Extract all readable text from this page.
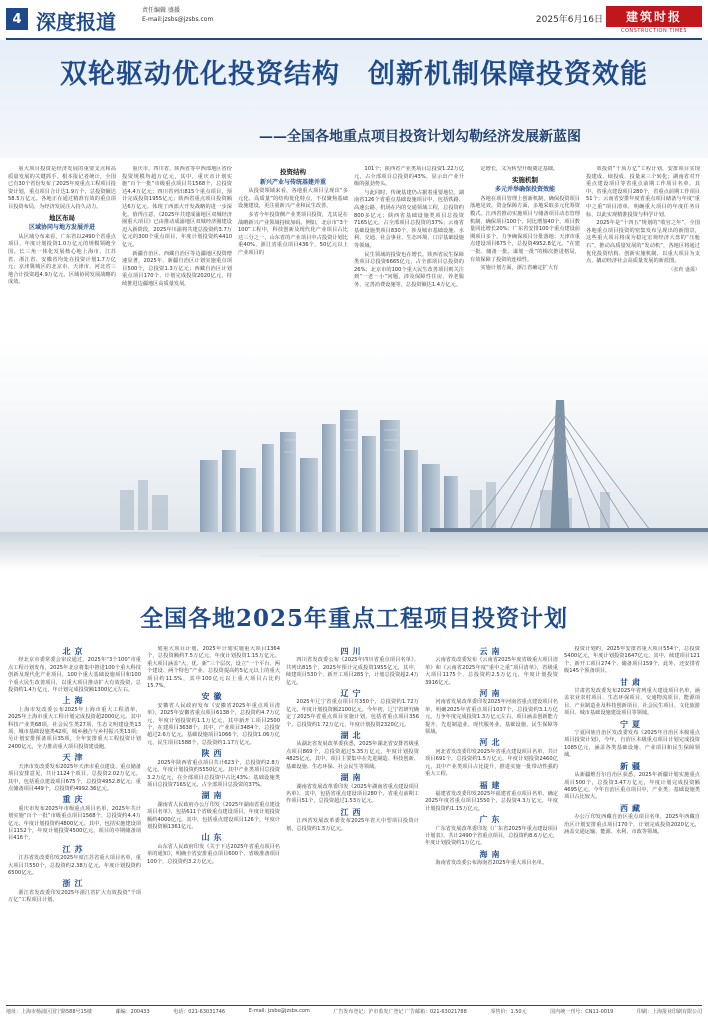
4 深度报道	责任编辑 盛援
E-mail:jzsbs@jzsbs.com	2025年6月16日	建筑时报
CONSTRUCTION TIMES
双轮驱动优化投资结构　创新机制保障投资效能
——全国各地重点项目投资计划勾勒经济发展新蓝图

重大项目投资是经济发展的重要支点和高质量发展的关键抓手。根本报记者统计，全国已有30个省份发布了2025年度重点工程项目投资计划，重点项目合计达1.9万个，总投资额达58.5万亿元。各地正在通过精准有效的重点项目投资布局，为经济发展注入持久动力。

地区布局
区域协同与地方发展并进

从区域分布来看，广东省以2490个省重点项目、年度计划投资1.0万亿元的规模领跑全国。长三角一体化发展核心地上海市、江苏省、浙江省、安徽省均处在投资计划1.7万亿元；京津冀城区的北京市、天津市、河北省三地合计投资超4.9万亿元，区域协同发展战略的成效。

重庆市、四川省、陕西省等中西部地区省份投资规模均超万亿元，其中，重庆市计划实施“百个一批”市级重点项目共1568个，总投资达4.4万亿元；四川省列出815个重点项目，预计完成投资1955亿元；陕西省重点项目投资额达6万亿元。体现了西部大开发战略的进一步深化。值得注意，《2025年共建成渝地区双城经济圈重大项目》已由推动成渝地区双城经济圈建设迈入新阶段，2025年川渝将共建总投资约3.7万亿元的300个重点项目，年度计划投资约4410亿元。

新疆自治区、西藏自治区等边疆地区投资增速显著，2025年，新疆自治区计划实施重点项目500个，总投资1.3万亿元；西藏自治区计划重点项目170个，计划完成投资2020亿元，持续推进边疆地区高质量发展。

投资结构
新兴产业与传统基建并重

从投资领域来看，各地重大项目呈现出“多元化、高质量”的结构优化特点，不仅聚焦基础设施建设，更注重新兴产业和民生改善。

多省今年投资侧产业类项目投资，尤其是在战略新兴产业领域持续加码。例如，北京市“3个100”工程中，科技创新及现代化产业项目占比达三分之一，山东省的产业项目中占投资计划比重40%，浙江省重点项目436个，50亿元以上产业项目的

101个；陕西省产业类项目总投资1.22万亿元，占全部项目总投资的43%，显示出产业升级的强劲势头。

与此同时，传统基建仍占据着重要地位。湖南省126个省重点基础设施项目中，包括铁路、高速公路、机场在内的交通领域工程，总投资约800多亿元；陕西省基础设施类项目总投资7165亿元，占全部项目总投资的37%；云南省基础设施类项目830个，涉及城市基础设施、水利、交通、社会事业、生态环境、口岸基础设施等领域。

民生领域的投资也在增长。陕西省民生保障类项目总投资6665亿元，占全部项目总投资的26%；北京市的100个重大民生改善项目则关注到“一老一小”问题，涉及保障性住房、养老服务、完善消费设施等，总投资额达1.4万亿元。

定增长，又为转型升级奠定基础。

实施机制
多元并举确保投资效能

各地在项目管理上创新机制，确保投资项目落地见效。资金保障方面，多地采取多元化筹资模式。江西省推动实施项目与储备项目动态管理机制，确保项目100个、同比增加40个，项目数量同比增长20%；广东省安排100个重点建设前期项目多个，力争确保项目分批落地；天津市重点建设项目675个，总投资4952.8亿元。“在建一批、储备一批、谋划一批”的梯次推进格局，有效保障了投资的连续性。

实施计划方面，浙江省确定扩大有

效投资“千项万亿”工程计划，安排项目实现投建成、续投成、投量来三个转化；湖南省对开重点建设项目等省重点前期工作项目名单，其中，省重点建设项目280个，省重点前期工作项目51个；云南省安排年度省重点项目储备与年度“重中之重”项目清单，明确重大项目的年度任务目标，以此实现精准投资与科学计划。

2025年是“十四五”规划的“收官之年”，全国各地重点项目投资的密集发布呈现出的新图景，这些重大项目将成为稳定宏观经济大盘的“压舱石”，推动高质量发展的“发动机”，各地区将通过优化投资结构、创新实施机制，以重大项目为支点，撬动经济社会高质量发展的新蓝图。

（张莉 盛援）
全国各地2025年重点工程项目投资计划
北京
经北京市委常委会审议通过，2025年“3个100”市重点工程计划发布，2025年北京将集中推进100个重大科技创新及现代化产业项目，100个重大基础设施项目和100个重大民生改善项目，以重大项目推动扩大有效投资，总投资约1.4万亿元，年计划完成投资额1300亿元左右。
上海
上海市发改委公布2025年上海市重大工程清单，2025年上海市重大工程计划完成投资超2000亿元。其中科技产业类68项，社会民生类27项，生态文明建设类13项，城市基础设施类42项，城乡融合与乡村振兴类13项；另计划安排预备项目35项，全年安排重大工程投资计划2400亿元，全力推动重大项目投资建设跑。
天津
天津市发改委发布2025年天津市重点建设、重点储备项目安排意见，共计1124个项目，总投资2.02万亿元。其中，包括重点建设项目675个，总投资4952.8亿元；重点储备项目449个，总投资约4992.36亿元。
重庆
重庆市发布2025年市级重点项目名单，2025年共计划实施“百个一批”市级重点项目1568个，总投资约4.4万亿元，年度计划投资约4800亿元。其中，包括实施建设项目1152个，年度计划投资4500亿元，项目的中期储备项目416个。
江苏
江苏省发改委印发2025年度江苏省重大项目名单，重大项目共550个，总投资约2.38万亿元，年度计划投资约6500亿元。
浙江
浙江省发改委印发2025年浙江省扩大有效投资“千项万亿”工程项目计划。
划重大项目计划，2025年计划实施重大项目1364个，总投资额约7.5万亿元，年度计划投资1.15万亿元。重大项目涵盖“大、优、新”三个层次，设立“一个平台、两个建设、两个特色”产业、总投资提高约5亿元以上的重大项目约11.5%，其中100亿元以上重大项目占比约15.7%。
安徽
安徽省人民政府发布《安徽省2025年重点项目清单》，2025年安徽省重点项目6138个，总投资约4.7万亿元，年度计划投资约1.1万亿元，其中新开工项目2500个，在建项目3638个。其中，产业项目3484个，总投资超过2.6万亿元，基础设施项目1066个，总投资1.06万亿元，民生项目1588个，总投资约1.17万亿元。
陕西
2025年陕西省重点项目共计623个，总投资约2.8万亿元，年度计划投资约5550亿元。其中产业类项目总投资3.2万亿元，在全部项目总投资中占比43%；基础设施类项目总投资7165亿元，占全部项目总投资的37%。
湖南
湖南省人民政府办公厅印发《2025年湖南省重点建设项目名单》，包括611个省级重点建设项目，年度计划投资额约4000亿元。其中，包括重点建设项目126个，年度计划投资额1361亿元。
山东
山东省人民政府印发《关于下达2025年省重点项目名单的通知》，明确全省安排重点项目600个、省级准备项目100个，总投资约3.2万亿元。
四川
四川省发改委公布《2025年四川省重点项目名单》。共列出815个，2025年预计完成投资1955亿元，其中，续建项目530个、新开工项目285个，计划总投资超2.4万亿元。
辽宁
2025年辽宁省重点项目共350个，总投资约1.72万亿元，年度计划投资额2100亿元。今年初，辽宁省研究确定了2025年省重点项目实施计划，包括省重点项目356个，总投资约1.72万亿元，年度计划投资2320亿元。
湖北
从湖北省发展改革委获悉，2025年湖北省安排省级重点项目869个，总投资超过5.35万亿元，年度计划投资4825亿元，其中，项目主要集中在先进制造、科技创新、基础设施、生态环保、社会民生等领域。
湖南
湖南省发展改革委印发《2025年湖南省重点建设项目名单》，其中，包括省重点建设项目280个，省重点前期工作项目51个，总投资超过1.53万亿元。
江西
江西省发展改革委发布2025年省大中型项目投资计划，总投资约1.5万亿元。
云南
云南省发改委发布《云南省2025年度省级重大项目清单》和《云南省2025年度“重中之重”项目清单》，省级重大项目1175个，总投资约2.5万亿元，年度计划投资3916亿元。
河南
河南省发展改革委印发2025年河南省重点建设项目名单，明确2025年省重点项目1037个，总投资约3.1万亿元，力争年度完成投资1.3万亿元左右，项目涵盖创新能力提升、先进制造业、现代服务业、基础设施、民生保障等领域。
河北
河北省发改委印发2025年省重点建设项目名单，共计项目691个，总投资约1.5万亿元，年度计划投资2460亿元，其中产业类项目占比提升，推进实施一批带动性强的重大工程。
福建
福建省发改委印发2025年福建省重点项目名单，确定2025年度省重点项目1550个，总投资4.3万亿元，年度计划投资约1.15万亿元。
广东
广东省发展改革委印发《广东省2025年重点建设项目计划表》，共计2490个省重点项目，总投资约8.6万亿元，年度计划投资约1万亿元。
海南
海南省发改委公布海南省2025年重大项目名单。
投资计划约，2025年安排省重大项目554个，总投资5400亿元，年度计划投资1647亿元，其中，续建项目121个、新开工项目274个、储备项目159个，此外，还安排省级145个预备项目。
甘肃
甘肃省发改委发布2025年省列重大建设项目名单，涵盖农业农村项目、生态环保项目、交通物流项目、能源项目、产业制造业及科技创新项目、社会民生项目、文化旅游项目、城市基础设施建设项目等领域。
宁夏
宁夏回族自治区发改委发布《2025年自治区本级重点项目投资计划》，今年，自治区本级重点项目计划完成投资1085亿元，涵盖各类基础设施、产业项目和民生保障领域。
新疆
从新疆维吾尔自治区获悉，2025年新疆计划实施重点项目500个，总投资3.47万亿元，年度计划完成投资额4695亿元。今年自治区重点项目中，产业类、基础设施类项目占比较大。
西藏
办公厅印发西藏自治区重点项目名单，2025年西藏自治区计划安排重点项目170个，计划完成投资2020亿元，涵盖交通运输、能源、水利、市政等领域。
地址：上海市杨浦区国宁路588号15楼	邮编：200433	电话：021-63031746	E-mail: jzsbs@jzsbs.com	广告发布登记：沪市监发广登记 广告邮箱：021-63021788	零售价：1.50元	国内统一刊号：CN11-0019	印刷：上海报业印刷有限公司
